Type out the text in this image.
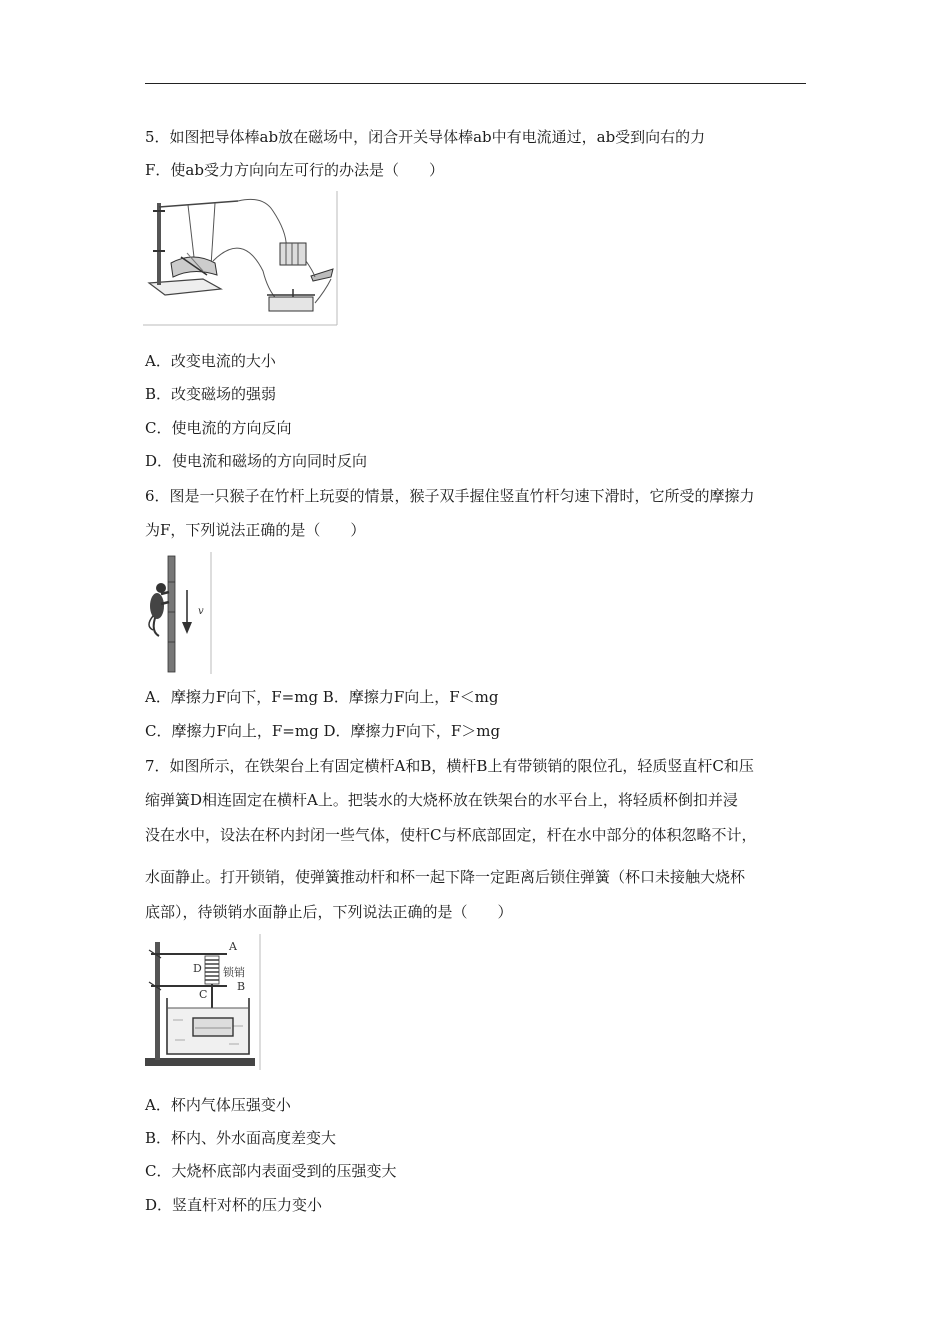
5．如图把导体棒ab放在磁场中，闭合开关导体棒ab中有电流通过，ab受到向右的力
F．使ab受力方向向左可行的办法是（　　）
A．改变电流的大小
B．改变磁场的强弱
C．使电流的方向反向
D．使电流和磁场的方向同时反向
6．图是一只猴子在竹杆上玩耍的情景，猴子双手握住竖直竹杆匀速下滑时，它所受的摩擦力
为F，下列说法正确的是（　　）
v
A．摩擦力F向下，F=mg B．摩擦力F向上，F＜mg
C．摩擦力F向上，F=mg D．摩擦力F向下，F＞mg
7．如图所示，在铁架台上有固定横杆A和B，横杆B上有带锁销的限位孔，轻质竖直杆C和压
缩弹簧D相连固定在横杆A上。把装水的大烧杯放在铁架台的水平台上，将轻质杯倒扣并浸
没在水中，设法在杯内封闭一些气体，使杆C与杯底部固定，杆在水中部分的体积忽略不计，
水面静止。打开锁销，使弹簧推动杆和杯一起下降一定距离后锁住弹簧（杯口未接触大烧杯
底部），待锁销水面静止后，下列说法正确的是（　　）
A
D 锁销
B
C
A．杯内气体压强变小
B．杯内、外水面高度差变大
C．大烧杯底部内表面受到的压强变大
D．竖直杆对杯的压力变小
